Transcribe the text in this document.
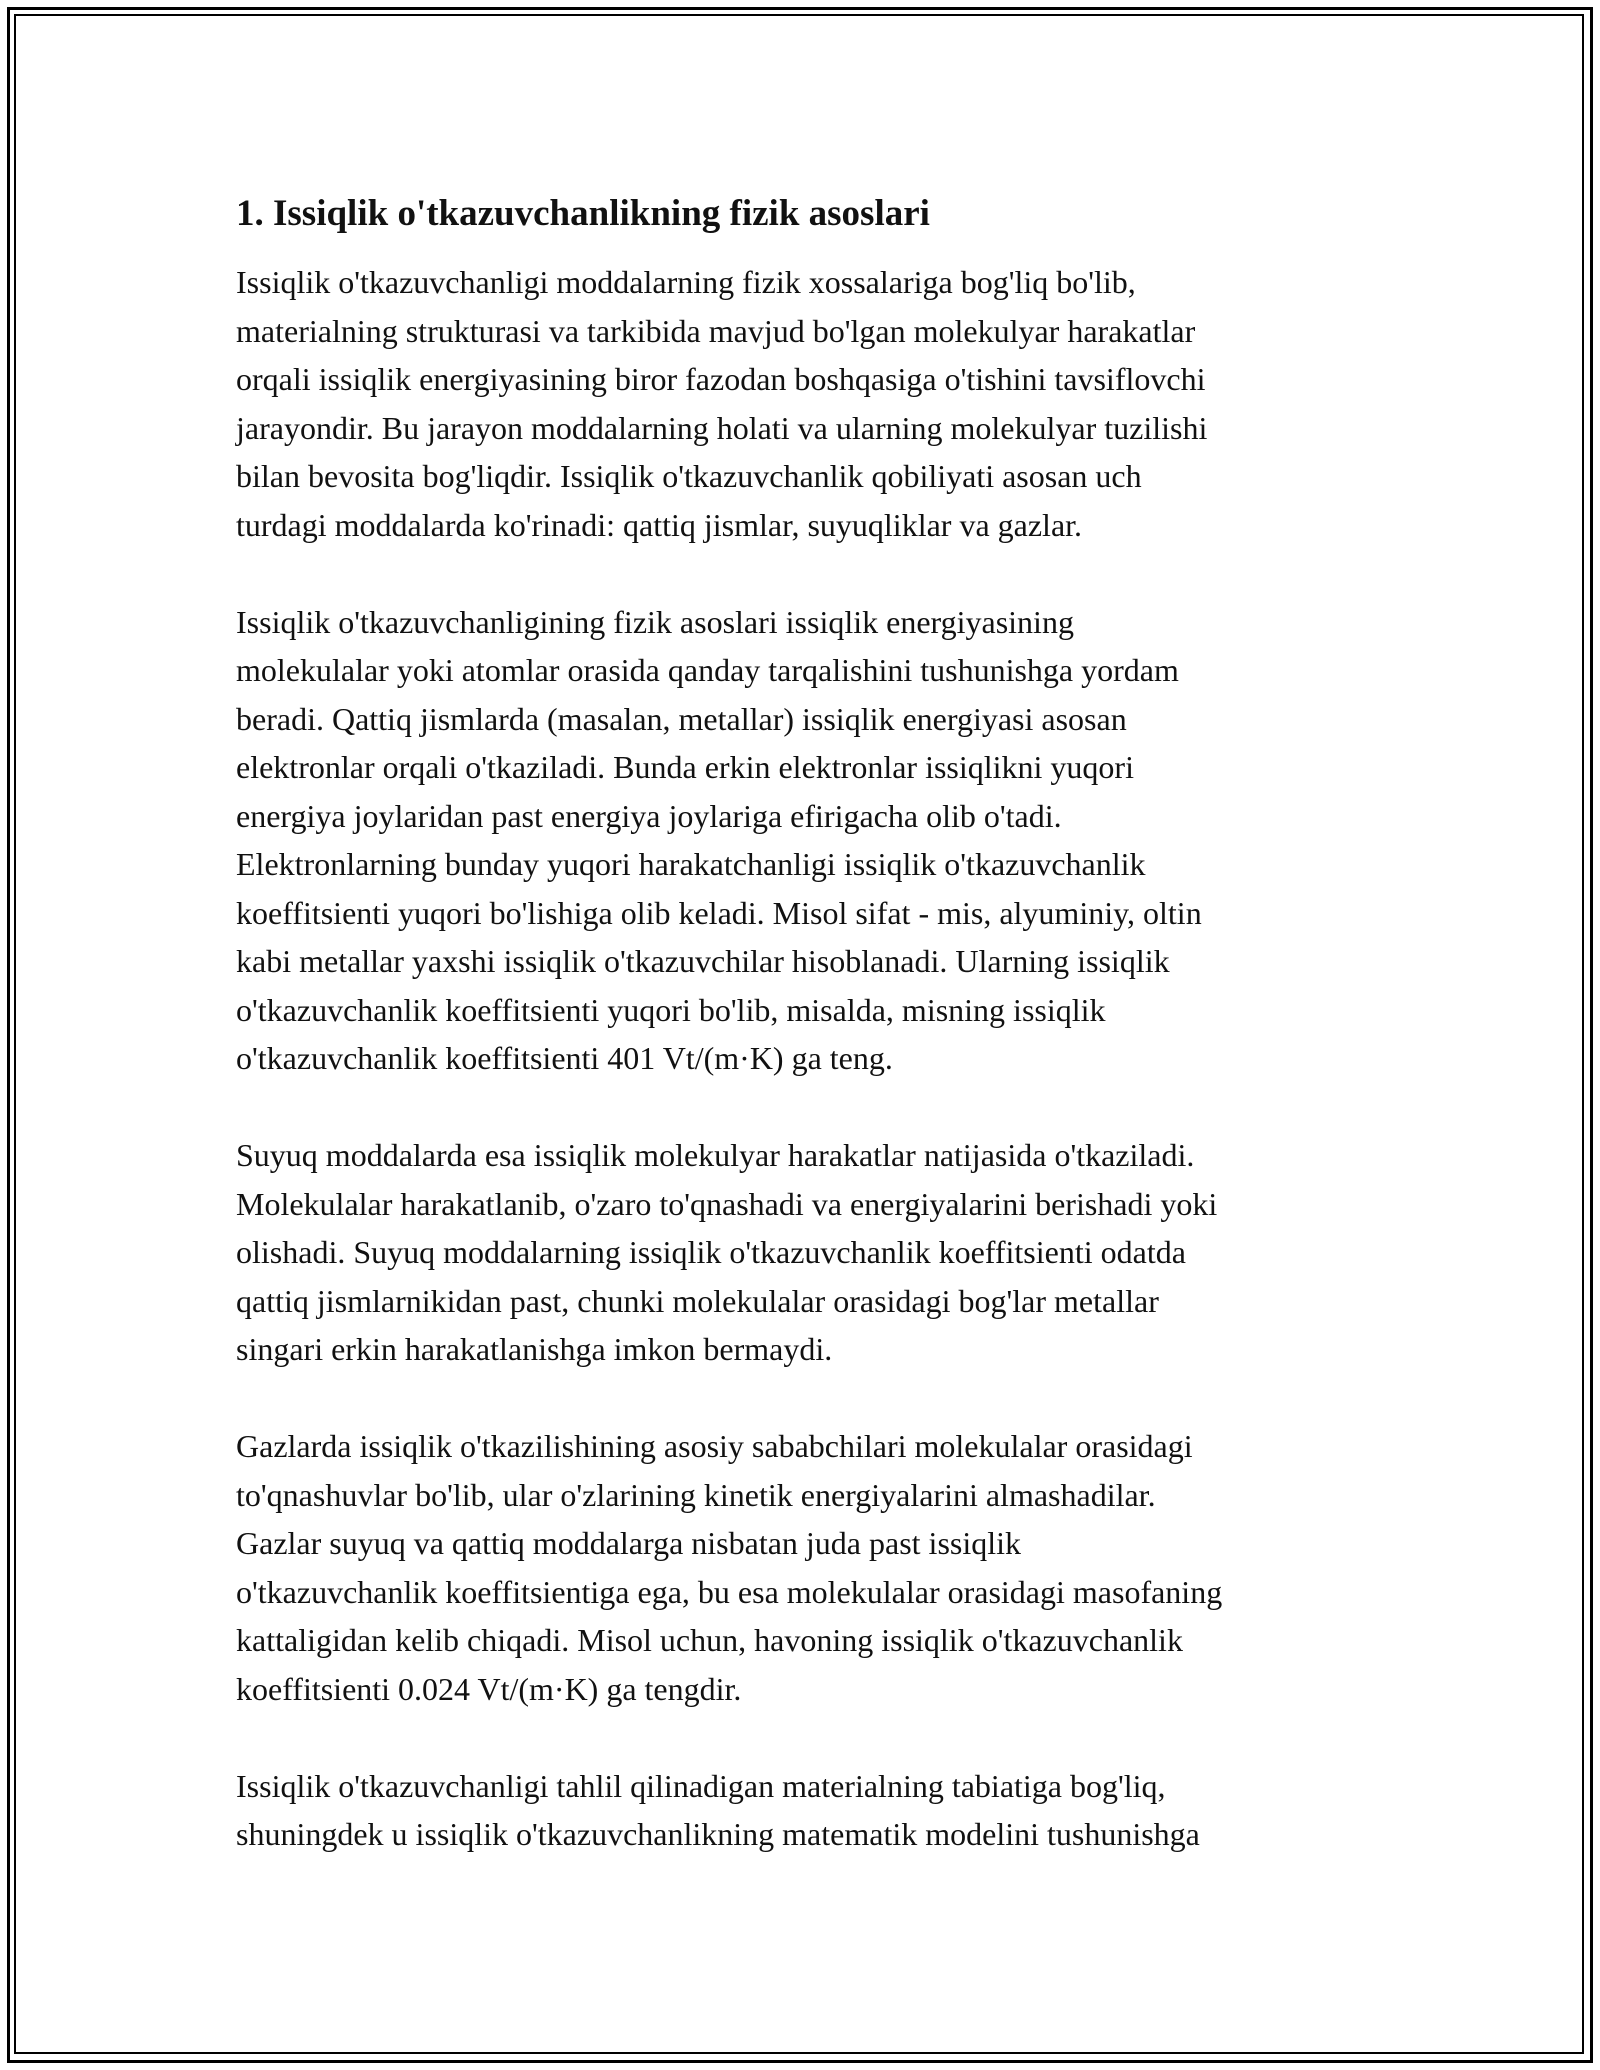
1. Issiqlik o'tkazuvchanlikning fizik asoslari

Issiqlik o'tkazuvchanligi moddalarning fizik xossalariga bog'liq bo'lib,
materialning strukturasi va tarkibida mavjud bo'lgan molekulyar harakatlar
orqali issiqlik energiyasining biror fazodan boshqasiga o'tishini tavsiflovchi
jarayondir. Bu jarayon moddalarning holati va ularning molekulyar tuzilishi
bilan bevosita bog'liqdir. Issiqlik o'tkazuvchanlik qobiliyati asosan uch
turdagi moddalarda ko'rinadi: qattiq jismlar, suyuqliklar va gazlar.

Issiqlik o'tkazuvchanligining fizik asoslari issiqlik energiyasining
molekulalar yoki atomlar orasida qanday tarqalishini tushunishga yordam
beradi. Qattiq jismlarda (masalan, metallar) issiqlik energiyasi asosan
elektronlar orqali o'tkaziladi. Bunda erkin elektronlar issiqlikni yuqori
energiya joylaridan past energiya joylariga efirigacha olib o'tadi.
Elektronlarning bunday yuqori harakatchanligi issiqlik o'tkazuvchanlik
koeffitsienti yuqori bo'lishiga olib keladi. Misol sifat - mis, alyuminiy, oltin
kabi metallar yaxshi issiqlik o'tkazuvchilar hisoblanadi. Ularning issiqlik
o'tkazuvchanlik koeffitsienti yuqori bo'lib, misalda, misning issiqlik
o'tkazuvchanlik koeffitsienti 401 Vt/(m·K) ga teng.

Suyuq moddalarda esa issiqlik molekulyar harakatlar natijasida o'tkaziladi.
Molekulalar harakatlanib, o'zaro to'qnashadi va energiyalarini berishadi yoki
olishadi. Suyuq moddalarning issiqlik o'tkazuvchanlik koeffitsienti odatda
qattiq jismlarnikidan past, chunki molekulalar orasidagi bog'lar metallar
singari erkin harakatlanishga imkon bermaydi.

Gazlarda issiqlik o'tkazilishining asosiy sababchilari molekulalar orasidagi
to'qnashuvlar bo'lib, ular o'zlarining kinetik energiyalarini almashadilar.
Gazlar suyuq va qattiq moddalarga nisbatan juda past issiqlik
o'tkazuvchanlik koeffitsientiga ega, bu esa molekulalar orasidagi masofaning
kattaligidan kelib chiqadi. Misol uchun, havoning issiqlik o'tkazuvchanlik
koeffitsienti 0.024 Vt/(m·K) ga tengdir.

Issiqlik o'tkazuvchanligi tahlil qilinadigan materialning tabiatiga bog'liq,
shuningdek u issiqlik o'tkazuvchanlikning matematik modelini tushunishga
